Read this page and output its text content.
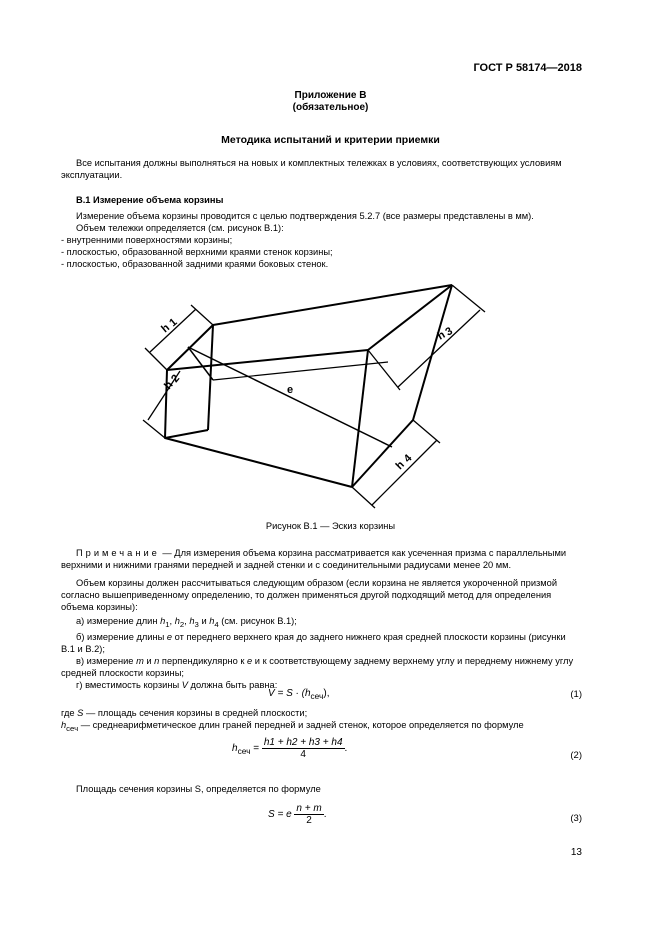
ГОСТ Р 58174—2018
Приложение В
(обязательное)
Методика испытаний и критерии приемки
Все испытания должны выполняться на новых и комплектных тележках в условиях, соответствующих условиям эксплуатации.
В.1 Измерение объема корзины
Измерение объема корзины проводится с целью подтверждения 5.2.7 (все размеры представлены в мм).
Объем тележки определяется (см. рисунок В.1):
- внутренними поверхностями корзины;
- плоскостью, образованной верхними краями стенок корзины;
- плоскостью, образованной задними краями боковых стенок.
h
1
h
2
e
h
3
h
4
Рисунок В.1 — Эскиз корзины
Примечание — Для измерения объема корзина рассматривается как усеченная призма с параллельными верхними и нижними гранями передней и задней стенки и с соединительными радиусами менее 20 мм.
Объем корзины должен рассчитываться следующим образом (если корзина не является укороченной призмой согласно вышеприведенному определению, то должен применяться другой подходящий метод для определения объема корзины):
а) измерение длин $h_1$, $h_2$, $h_3$ и $h_4$ (см. рисунок В.1);
б) измерение длины e от переднего верхнего края до заднего нижнего края средней плоскости корзины (рисунки В.1 и В.2);
в) измерение m и n перпендикулярно к e и к соответствующему заднему верхнему углу и переднему нижнему углу средней плоскости корзины;
г) вместимость корзины V должна быть равна:
$V = S \cdot (h_{сеч})$,	(1)
где S — площадь сечения корзины в средней плоскости;
$h_{сеч}$ — среднеарифметическое длин граней передней и задней стенок, которое определяется по формуле
$h_{сеч} = \frac{h1 + h2 + h3 + h4}{4}$ .
(2)
Площадь сечения корзины S, определяется по формуле
S = e $\frac{n + m}{2}$ .	(3)
13
